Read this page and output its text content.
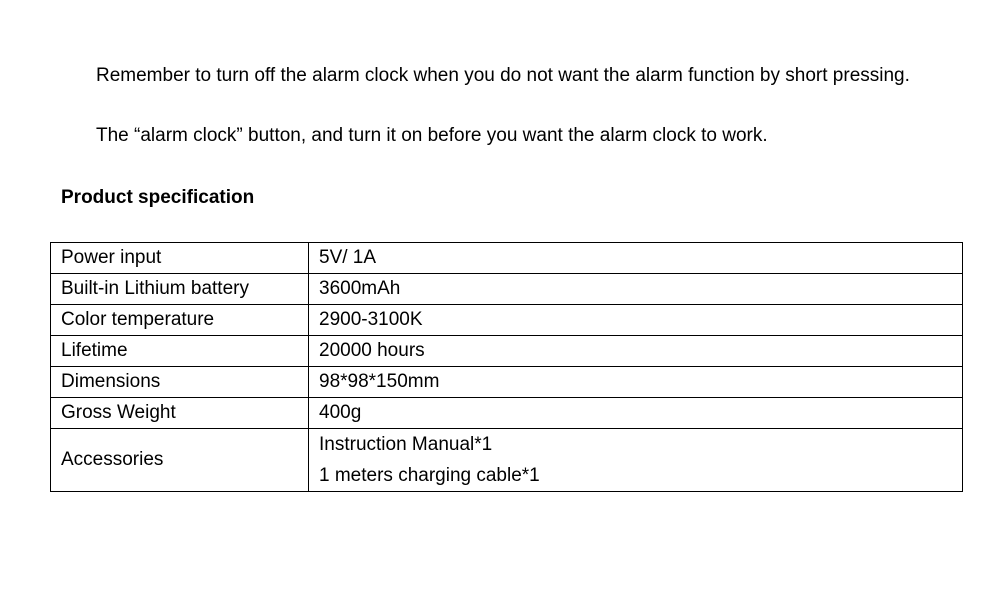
Remember to turn off the alarm clock when you do not want the alarm function by short pressing.

The “alarm clock” button, and turn it on before you want the alarm clock to work.

Product specification
Power input	5V/ 1A
Built-in Lithium battery	3600mAh
Color temperature	2900-3100K
Lifetime	20000 hours
Dimensions	98*98*150mm
Gross Weight	400g
Accessories	Instruction Manual*1
1 meters charging cable*1
